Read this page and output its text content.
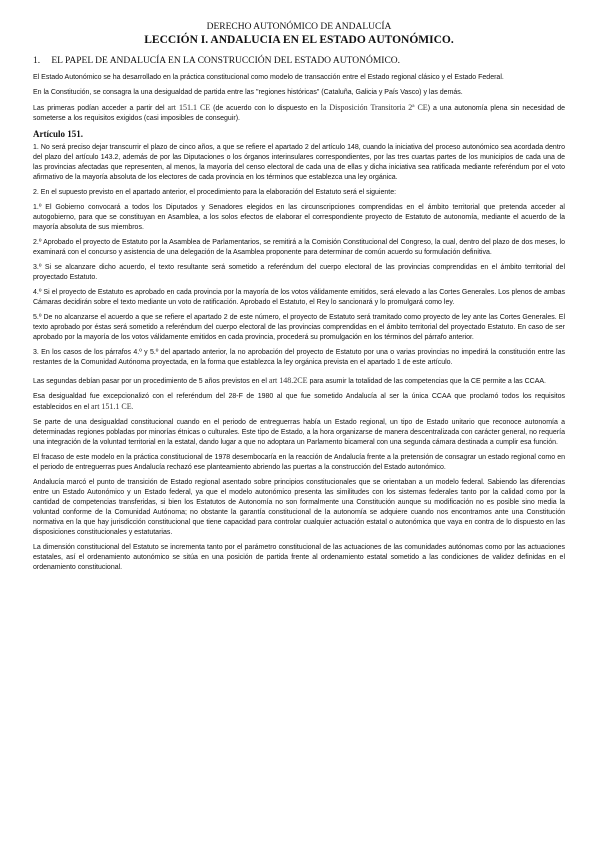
DERECHO AUTONÓMICO DE ANDALUCÍA
LECCIÓN I. ANDALUCIA EN EL ESTADO AUTONÓMICO.
1. EL PAPEL DE ANDALUCÍA EN LA CONSTRUCCIÓN DEL ESTADO AUTONÓMICO.

El Estado Autonómico se ha desarrollado en la práctica constitucional como modelo de transacción entre el Estado regional clásico y el Estado Federal.

En la Constitución, se consagra la una desigualdad de partida entre las "regiones históricas" (Cataluña, Galicia y País Vasco) y las demás.

Las primeras podían acceder a partir del art 151.1 CE (de acuerdo con lo dispuesto en la Disposición Transitoria 2ª CE) a una autonomía plena sin necesidad de someterse a los requisitos exigidos (casi imposibles de conseguir).

Artículo 151.

1. No será preciso dejar transcurrir el plazo de cinco años, a que se refiere el apartado 2 del artículo 148, cuando la iniciativa del proceso autonómico sea acordada dentro del plazo del artículo 143.2, además de por las Diputaciones o los órganos interinsulares correspondientes, por las tres cuartas partes de los municipios de cada una de las provincias afectadas que representen, al menos, la mayoría del censo electoral de cada una de ellas y dicha iniciativa sea ratificada mediante referéndum por el voto afirmativo de la mayoría absoluta de los electores de cada provincia en los términos que establezca una ley orgánica.

2. En el supuesto previsto en el apartado anterior, el procedimiento para la elaboración del Estatuto será el siguiente:

1.º El Gobierno convocará a todos los Diputados y Senadores elegidos en las circunscripciones comprendidas en el ámbito territorial que pretenda acceder al autogobierno, para que se constituyan en Asamblea, a los solos efectos de elaborar el correspondiente proyecto de Estatuto de autonomía, mediante el acuerdo de la mayoría absoluta de sus miembros.

2.º Aprobado el proyecto de Estatuto por la Asamblea de Parlamentarios, se remitirá a la Comisión Constitucional del Congreso, la cual, dentro del plazo de dos meses, lo examinará con el concurso y asistencia de una delegación de la Asamblea proponente para determinar de común acuerdo su formulación definitiva.

3.º Si se alcanzare dicho acuerdo, el texto resultante será sometido a referéndum del cuerpo electoral de las provincias comprendidas en el ámbito territorial del proyectado Estatuto.

4.º Si el proyecto de Estatuto es aprobado en cada provincia por la mayoría de los votos válidamente emitidos, será elevado a las Cortes Generales. Los plenos de ambas Cámaras decidirán sobre el texto mediante un voto de ratificación. Aprobado el Estatuto, el Rey lo sancionará y lo promulgará como ley.

5.º De no alcanzarse el acuerdo a que se refiere el apartado 2 de este número, el proyecto de Estatuto será tramitado como proyecto de ley ante las Cortes Generales. El texto aprobado por éstas será sometido a referéndum del cuerpo electoral de las provincias comprendidas en el ámbito territorial del proyectado Estatuto. En caso de ser aprobado por la mayoría de los votos válidamente emitidos en cada provincia, procederá su promulgación en los términos del párrafo anterior.

3. En los casos de los párrafos 4.º y 5.º del apartado anterior, la no aprobación del proyecto de Estatuto por una o varias provincias no impedirá la constitución entre las restantes de la Comunidad Autónoma proyectada, en la forma que establezca la ley orgánica prevista en el apartado 1 de este artículo.

Las segundas debían pasar por un procedimiento de 5 años previstos en el art 148.2CE para asumir la totalidad de las competencias que la CE permite a las CCAA.

Esa desigualdad fue excepcionalizó con el referéndum del 28-F de 1980 al que fue sometido Andalucía al ser la única CCAA que proclamó todos los requisitos establecidos en el art 151.1 CE.

Se parte de una desigualdad constitucional cuando en el periodo de entreguerras había un Estado regional, un tipo de Estado unitario que reconoce autonomía a determinadas regiones pobladas por minorías étnicas o culturales. Este tipo de Estado, a la hora organizarse de manera descentralizada con carácter general, no requería una integración de la voluntad territorial en la estatal, dando lugar a que no adoptara un Parlamento bicameral con una segunda cámara destinada a cumplir esa función.

El fracaso de este modelo en la práctica constitucional de 1978 desembocaría en la reacción de Andalucía frente a la pretensión de consagrar un estado regional como en el periodo de entreguerras pues Andalucía rechazó ese planteamiento abriendo las puertas a la construcción del Estado autonómico.

Andalucía marcó el punto de transición de Estado regional asentado sobre principios constitucionales que se orientaban a un modelo federal. Sabiendo las diferencias entre un Estado Autonómico y un Estado federal, ya que el modelo autonómico presenta las similitudes con los sistemas federales tanto por la calidad como por la cantidad de competencias transferidas, si bien los Estatutos de Autonomía no son formalmente una Constitución aunque su modificación no es posible sino media la voluntad conforme de la Comunidad Autónoma; no obstante la garantía constitucional de la autonomía se adquiere cuando nos encontramos ante una Constitución normativa en la que hay jurisdicción constitucional que tiene capacidad para controlar cualquier actuación estatal o autonómica que vaya en contra de lo dispuesto en las disposiciones constitucionales y estatutarias.

La dimensión constitucional del Estatuto se incrementa tanto por el parámetro constitucional de las actuaciones de las comunidades autónomas como por las actuaciones estatales, así el ordenamiento autonómico se sitúa en una posición de partida frente al ordenamiento estatal sometido a las condiciones de validez definidas en el ordenamiento constitucional.
